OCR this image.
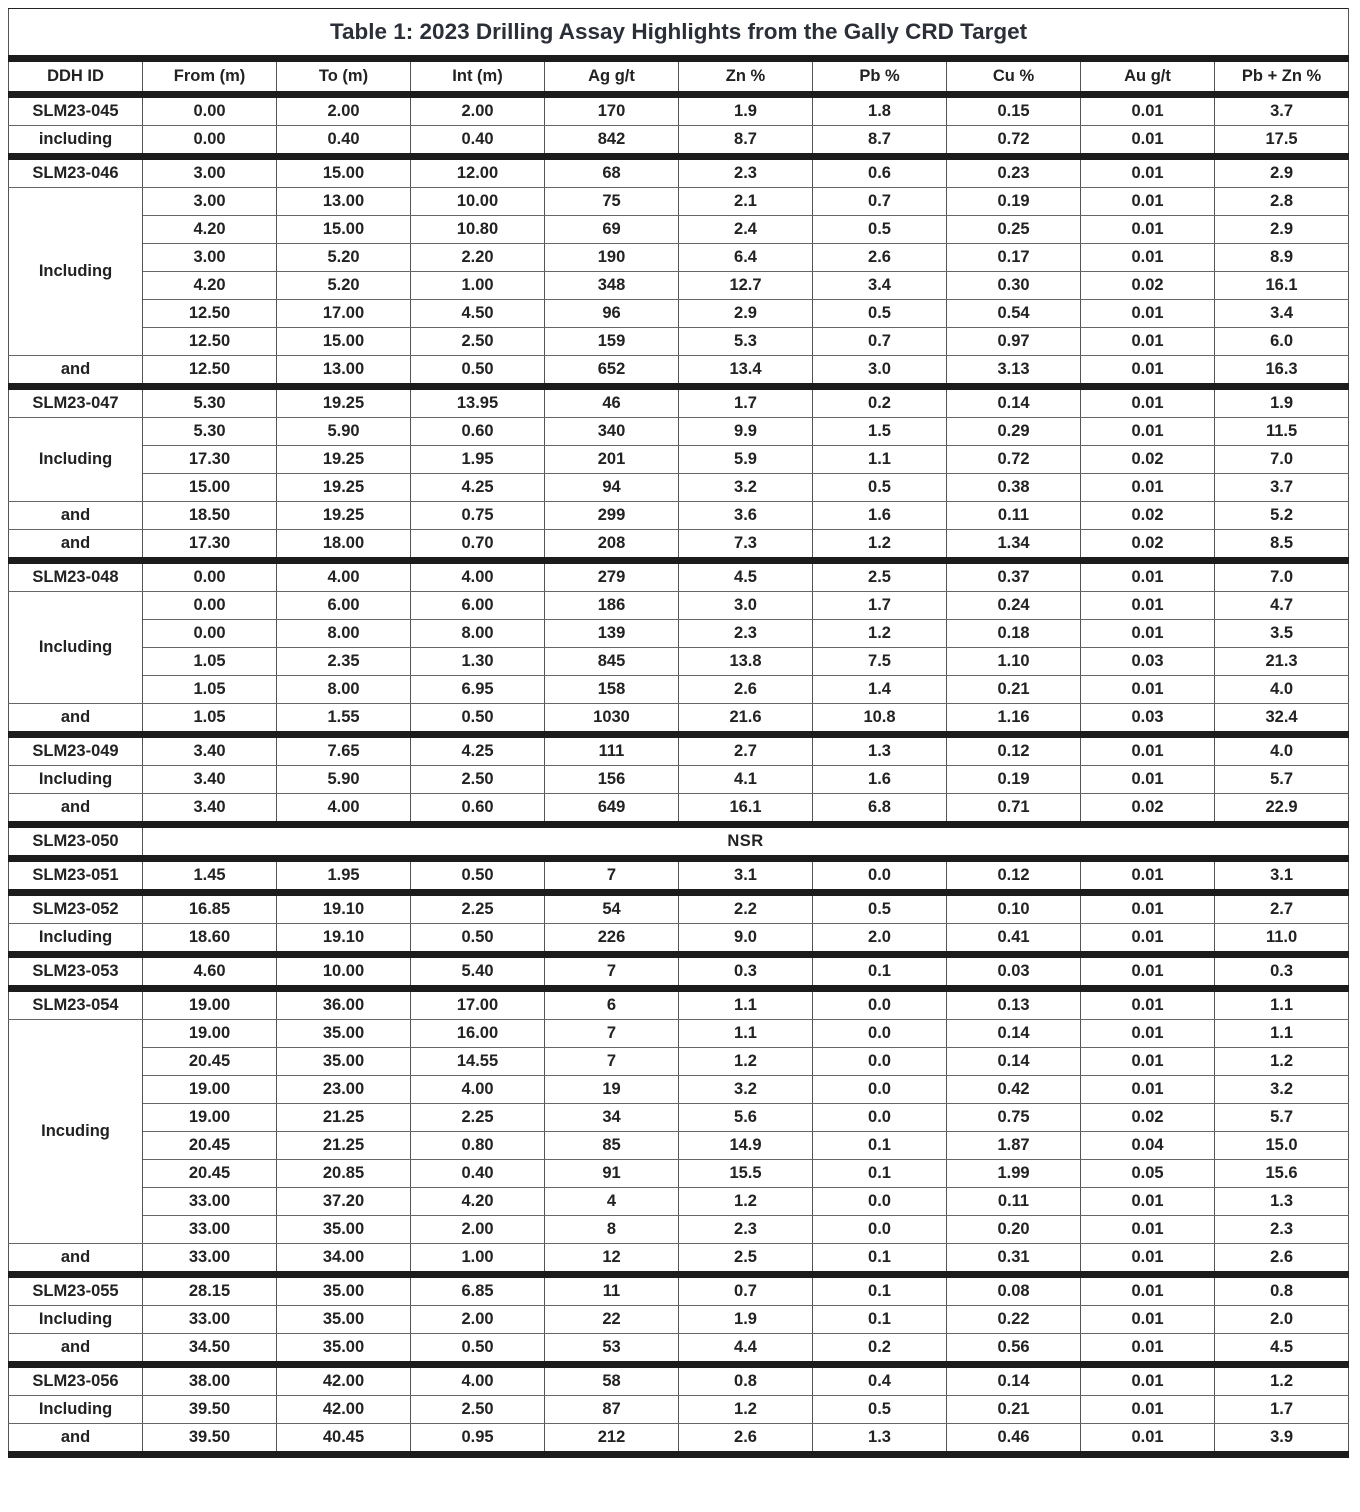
Table 1: 2023 Drilling Assay Highlights from the Gally CRD Target									
DDH ID	From (m)	To (m)	Int (m)	Ag g/t	Zn %	Pb %	Cu %	Au g/t	Pb + Zn %
SLM23-045	0.00	2.00	2.00	170	1.9	1.8	0.15	0.01	3.7
including	0.00	0.40	0.40	842	8.7	8.7	0.72	0.01	17.5
SLM23-046	3.00	15.00	12.00	68	2.3	0.6	0.23	0.01	2.9
Including	3.00	13.00	10.00	75	2.1	0.7	0.19	0.01	2.8
	4.20	15.00	10.80	69	2.4	0.5	0.25	0.01	2.9
	3.00	5.20	2.20	190	6.4	2.6	0.17	0.01	8.9
	4.20	5.20	1.00	348	12.7	3.4	0.30	0.02	16.1
	12.50	17.00	4.50	96	2.9	0.5	0.54	0.01	3.4
	12.50	15.00	2.50	159	5.3	0.7	0.97	0.01	6.0
and	12.50	13.00	0.50	652	13.4	3.0	3.13	0.01	16.3
SLM23-047	5.30	19.25	13.95	46	1.7	0.2	0.14	0.01	1.9
Including	5.30	5.90	0.60	340	9.9	1.5	0.29	0.01	11.5
	17.30	19.25	1.95	201	5.9	1.1	0.72	0.02	7.0
	15.00	19.25	4.25	94	3.2	0.5	0.38	0.01	3.7
and	18.50	19.25	0.75	299	3.6	1.6	0.11	0.02	5.2
and	17.30	18.00	0.70	208	7.3	1.2	1.34	0.02	8.5
SLM23-048	0.00	4.00	4.00	279	4.5	2.5	0.37	0.01	7.0
Including	0.00	6.00	6.00	186	3.0	1.7	0.24	0.01	4.7
	0.00	8.00	8.00	139	2.3	1.2	0.18	0.01	3.5
	1.05	2.35	1.30	845	13.8	7.5	1.10	0.03	21.3
	1.05	8.00	6.95	158	2.6	1.4	0.21	0.01	4.0
and	1.05	1.55	0.50	1030	21.6	10.8	1.16	0.03	32.4
SLM23-049	3.40	7.65	4.25	111	2.7	1.3	0.12	0.01	4.0
Including	3.40	5.90	2.50	156	4.1	1.6	0.19	0.01	5.7
and	3.40	4.00	0.60	649	16.1	6.8	0.71	0.02	22.9
SLM23-050	NSR								
SLM23-051	1.45	1.95	0.50	7	3.1	0.0	0.12	0.01	3.1
SLM23-052	16.85	19.10	2.25	54	2.2	0.5	0.10	0.01	2.7
Including	18.60	19.10	0.50	226	9.0	2.0	0.41	0.01	11.0
SLM23-053	4.60	10.00	5.40	7	0.3	0.1	0.03	0.01	0.3
SLM23-054	19.00	36.00	17.00	6	1.1	0.0	0.13	0.01	1.1
Incuding	19.00	35.00	16.00	7	1.1	0.0	0.14	0.01	1.1
	20.45	35.00	14.55	7	1.2	0.0	0.14	0.01	1.2
	19.00	23.00	4.00	19	3.2	0.0	0.42	0.01	3.2
	19.00	21.25	2.25	34	5.6	0.0	0.75	0.02	5.7
	20.45	21.25	0.80	85	14.9	0.1	1.87	0.04	15.0
	20.45	20.85	0.40	91	15.5	0.1	1.99	0.05	15.6
	33.00	37.20	4.20	4	1.2	0.0	0.11	0.01	1.3
	33.00	35.00	2.00	8	2.3	0.0	0.20	0.01	2.3
and	33.00	34.00	1.00	12	2.5	0.1	0.31	0.01	2.6
SLM23-055	28.15	35.00	6.85	11	0.7	0.1	0.08	0.01	0.8
Including	33.00	35.00	2.00	22	1.9	0.1	0.22	0.01	2.0
and	34.50	35.00	0.50	53	4.4	0.2	0.56	0.01	4.5
SLM23-056	38.00	42.00	4.00	58	0.8	0.4	0.14	0.01	1.2
Including	39.50	42.00	2.50	87	1.2	0.5	0.21	0.01	1.7
and	39.50	40.45	0.95	212	2.6	1.3	0.46	0.01	3.9
